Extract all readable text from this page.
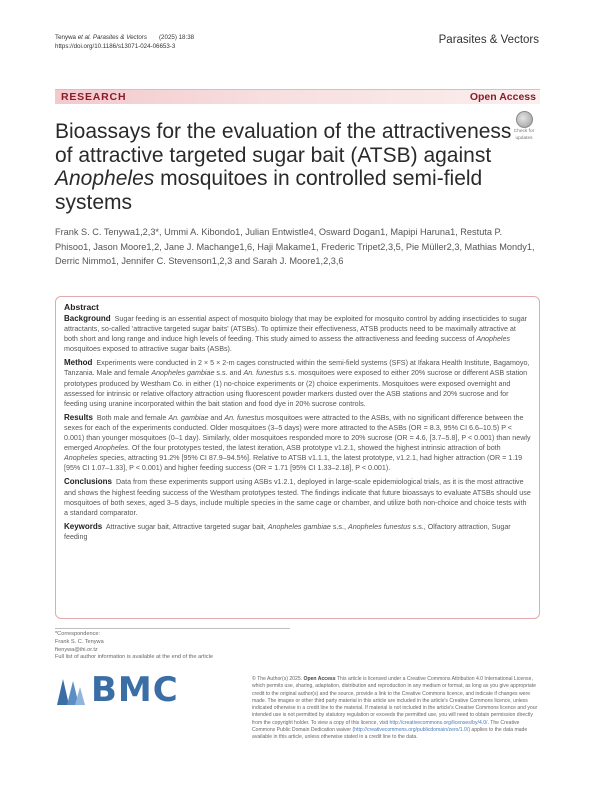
Tenywa et al. Parasites & Vectors (2025) 18:38
https://doi.org/10.1186/s13071-024-06653-3
Parasites & Vectors
RESEARCH	Open Access
Bioassays for the evaluation of the attractiveness of attractive targeted sugar bait (ATSB) against Anopheles mosquitoes in controlled semi-field systems
Check for
updates
Frank S. C. Tenywa1,2,3*, Ummi A. Kibondo1, Julian Entwistle4, Osward Dogan1, Mapipi Haruna1, Restuta P. Phisoo1, Jason Moore1,2, Jane J. Machange1,6, Haji Makame1, Frederic Tripet2,3,5, Pie Müller2,3, Mathias Mondy1, Derric Nimmo1, Jennifer C. Stevenson1,2,3 and Sarah J. Moore1,2,3,6
Abstract

Background Sugar feeding is an essential aspect of mosquito biology that may be exploited for mosquito control by adding insecticides to sugar attractants, so-called 'attractive targeted sugar baits' (ATSBs). To optimize their effectiveness, ATSB products need to be maximally attractive at both short and long range and induce high levels of feeding. This study aimed to assess the attractiveness and feeding success of Anopheles mosquitoes exposed to attractive sugar baits (ASBs).

Method Experiments were conducted in 2 × 5 × 2-m cages constructed within the semi-field systems (SFS) at Ifakara Health Institute, Bagamoyo, Tanzania. Male and female Anopheles gambiae s.s. and An. funestus s.s. mosquitoes were exposed to either 20% sucrose or different ASB station prototypes produced by Westham Co. in either (1) no-choice experiments or (2) choice experiments. Mosquitoes were exposed overnight and assessed for intrinsic or relative olfactory attraction using fluorescent powder markers dusted over the ASB stations and 20% sucrose and for feeding using uranine incorporated within the bait station and food dye in 20% sucrose controls.

Results Both male and female An. gambiae and An. funestus mosquitoes were attracted to the ASBs, with no significant difference between the sexes for each of the experiments conducted. Older mosquitoes (3–5 days) were more attracted to the ASBs (OR = 8.3, 95% CI 6.6–10.5) P < 0.001) than younger mosquitoes (0–1 day). Similarly, older mosquitoes responded more to 20% sucrose (OR = 4.6, [3.7–5.8], P < 0.001) than newly emerged Anopheles. Of the four prototypes tested, the latest iteration, ASB prototype v1.2.1, showed the highest intrinsic attraction of both Anopheles species, attracting 91.2% [95% CI 87.9–94.5%]. Relative to ATSB v1.1.1, the latest prototype, v1.2.1, had higher attraction (OR = 1.19 [95% CI 1.07–1.33], P < 0.001) and higher feeding success (OR = 1.71 [95% CI 1.33–2.18], P < 0.001).

Conclusions Data from these experiments support using ASBs v1.2.1, deployed in large-scale epidemiological trials, as it is the most attractive and shows the highest feeding success of the Westham prototypes tested. The findings indicate that future bioassays to evaluate ATSBs should use mosquitoes of both sexes, aged 3–5 days, include multiple species in the same cage or chamber, and utilize both non-choice and choice tests with a standard comparator.

Keywords Attractive sugar bait, Attractive targeted sugar bait, Anopheles gambiae s.s., Anopheles funestus s.s., Olfactory attraction, Sugar feeding

*Correspondence:
Frank S. C. Tenywa
ftenywa@ihi.or.tz
Full list of author information is available at the end of the article
BMC	© The Author(s) 2025. Open Access This article is licensed under a Creative Commons Attribution 4.0 International License, which permits use, sharing, adaptation, distribution and reproduction in any medium or format, as long as you give appropriate credit to the original author(s) and the source, provide a link to the Creative Commons licence, and indicate if changes were made. The images or other third party material in this article are included in the article's Creative Commons licence, unless indicated otherwise in a credit line to the material. If material is not included in the article's Creative Commons licence and your intended use is not permitted by statutory regulation or exceeds the permitted use, you will need to obtain permission directly from the copyright holder. To view a copy of this licence, visit http://creativecommons.org/licenses/by/4.0/. The Creative Commons Public Domain Dedication waiver (http://creativecommons.org/publicdomain/zero/1.0/) applies to the data made available in this article, unless otherwise stated in a credit line to the data.
